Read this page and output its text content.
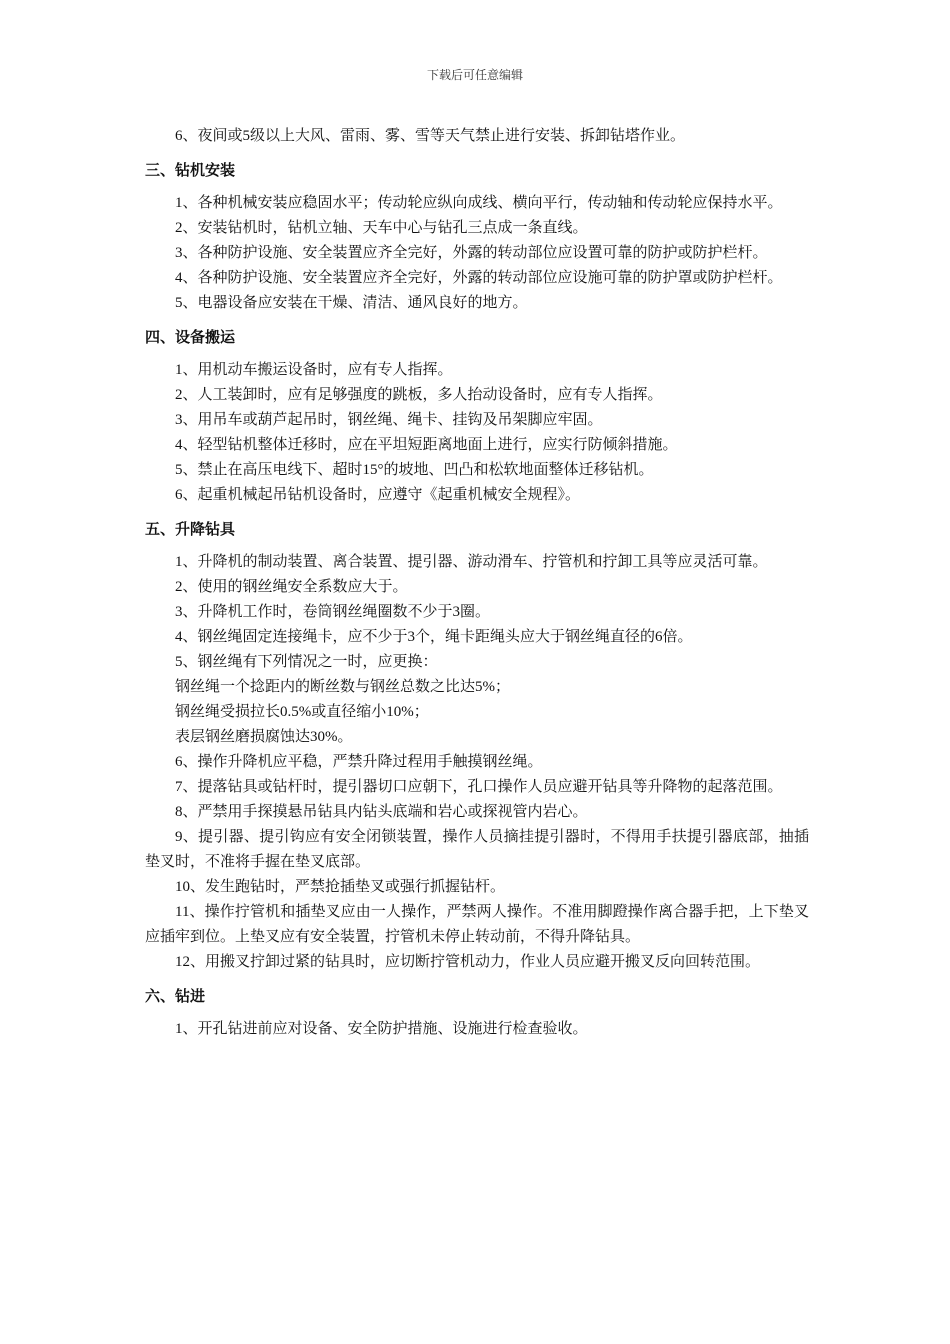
下载后可任意编辑

6、夜间或5级以上大风、雷雨、雾、雪等天气禁止进行安装、拆卸钻塔作业。

三、钻机安装

1、各种机械安装应稳固水平；传动轮应纵向成线、横向平行，传动轴和传动轮应保持水平。

2、安装钻机时，钻机立轴、天车中心与钻孔三点成一条直线。

3、各种防护设施、安全装置应齐全完好，外露的转动部位应设置可靠的防护或防护栏杆。

4、各种防护设施、安全装置应齐全完好，外露的转动部位应设施可靠的防护罩或防护栏杆。

5、电器设备应安装在干燥、清洁、通风良好的地方。

四、设备搬运

1、用机动车搬运设备时，应有专人指挥。

2、人工装卸时，应有足够强度的跳板，多人抬动设备时，应有专人指挥。

3、用吊车或葫芦起吊时，钢丝绳、绳卡、挂钩及吊架脚应牢固。

4、轻型钻机整体迁移时，应在平坦短距离地面上进行，应实行防倾斜措施。

5、禁止在高压电线下、超时15°的坡地、凹凸和松软地面整体迁移钻机。

6、起重机械起吊钻机设备时，应遵守《起重机械安全规程》。

五、升降钻具

1、升降机的制动装置、离合装置、提引器、游动滑车、拧管机和拧卸工具等应灵活可靠。

2、使用的钢丝绳安全系数应大于。

3、升降机工作时，卷筒钢丝绳圈数不少于3圈。

4、钢丝绳固定连接绳卡，应不少于3个，绳卡距绳头应大于钢丝绳直径的6倍。

5、钢丝绳有下列情况之一时，应更换：

钢丝绳一个捻距内的断丝数与钢丝总数之比达5%；

钢丝绳受损拉长0.5%或直径缩小10%；

表层钢丝磨损腐蚀达30%。

6、操作升降机应平稳，严禁升降过程用手触摸钢丝绳。

7、提落钻具或钻杆时，提引器切口应朝下，孔口操作人员应避开钻具等升降物的起落范围。

8、严禁用手探摸悬吊钻具内钻头底端和岩心或探视管内岩心。

9、提引器、提引钩应有安全闭锁装置，操作人员摘挂提引器时，不得用手扶提引器底部，抽插垫叉时，不准将手握在垫叉底部。

10、发生跑钻时，严禁抢插垫叉或强行抓握钻杆。

11、操作拧管机和插垫叉应由一人操作，严禁两人操作。不准用脚蹬操作离合器手把，上下垫叉应插牢到位。上垫叉应有安全装置，拧管机未停止转动前，不得升降钻具。

12、用搬叉拧卸过紧的钻具时，应切断拧管机动力，作业人员应避开搬叉反向回转范围。

六、钻进

1、开孔钻进前应对设备、安全防护措施、设施进行检查验收。
